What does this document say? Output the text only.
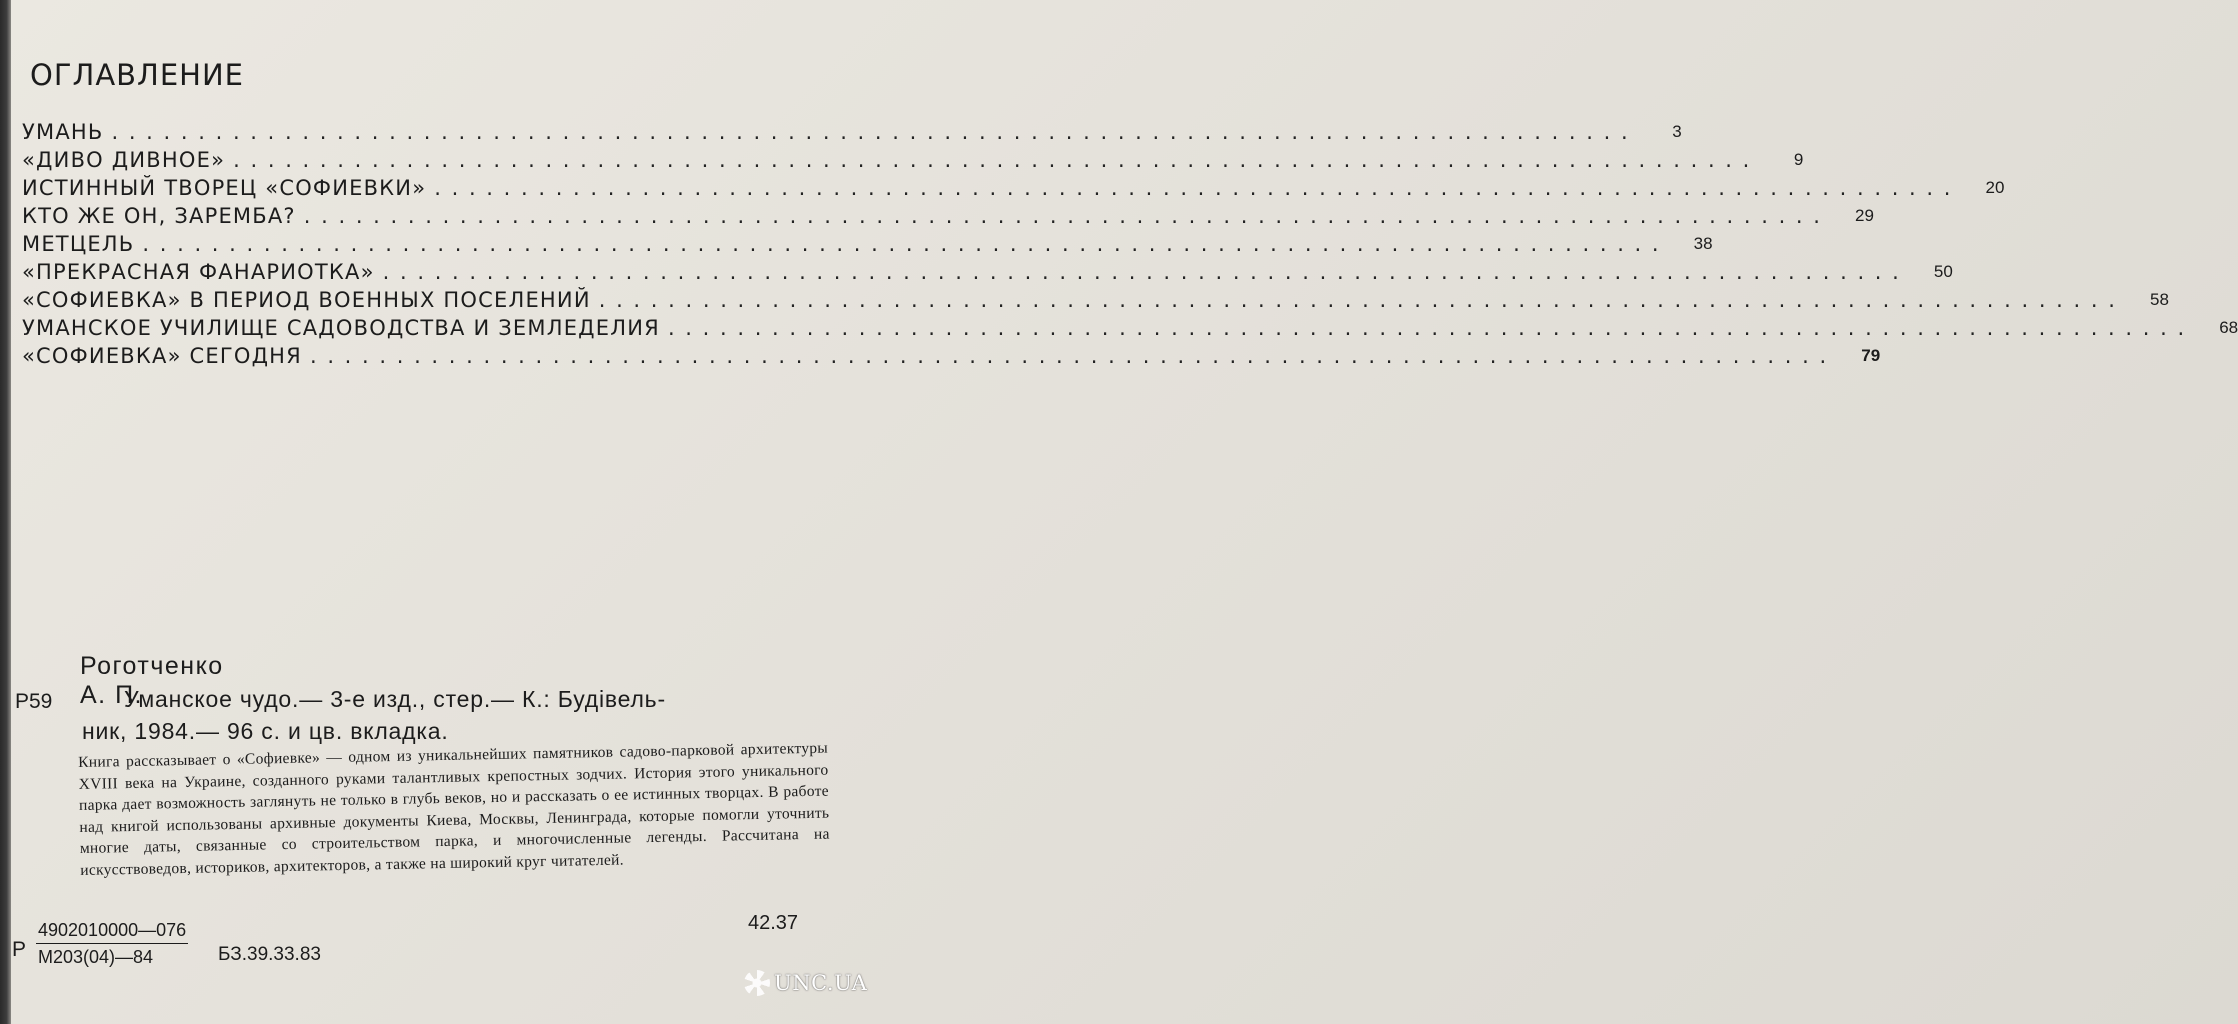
ОГЛАВЛЕНИЕ
УМАНЬ . . .	3
«ДИВО ДИВНОЕ» . . .	9
ИСТИННЫЙ ТВОРЕЦ «СОФИЕВКИ» . . .	20
КТО ЖЕ ОН, ЗАРЕМБА? . . .	29
МЕТЦЕЛЬ . . .	38
«ПРЕКРАСНАЯ ФАНАРИОТКА» . . .	50
«СОФИЕВКА» В ПЕРИОД ВОЕННЫХ ПОСЕЛЕНИЙ . . .	58
УМАНСКОЕ УЧИЛИЩЕ САДОВОДСТВА И ЗЕМЛЕДЕЛИЯ . . .	68
«СОФИЕВКА» СЕГОДНЯ . . .	79
Роготченко А. П.
Р59	Уманское чудо.— 3-е изд., стер.— К.: Будівель-
ник, 1984.— 96 с. и цв. вкладка.

Книга рассказывает о «Софиевке» — одном из уникальнейших памятников садово-парковой архитектуры XVIII века на Украине, созданного руками талантливых крепостных зодчих. История этого уникального парка дает возможность заглянуть не только в глубь веков, но и рассказать о ее истинных творцах. В работе над книгой использованы архивные документы Киева, Москвы, Ленинграда, которые помогли уточнить многие даты, связанные со строительством парка, и многочисленные легенды. Рассчитана на искусствоведов, историков, архитекторов, а также на широкий круг читателей.

42.37
Р
4902010000—076
М203(04)—84	БЗ.39.33.83
UNC.UA
